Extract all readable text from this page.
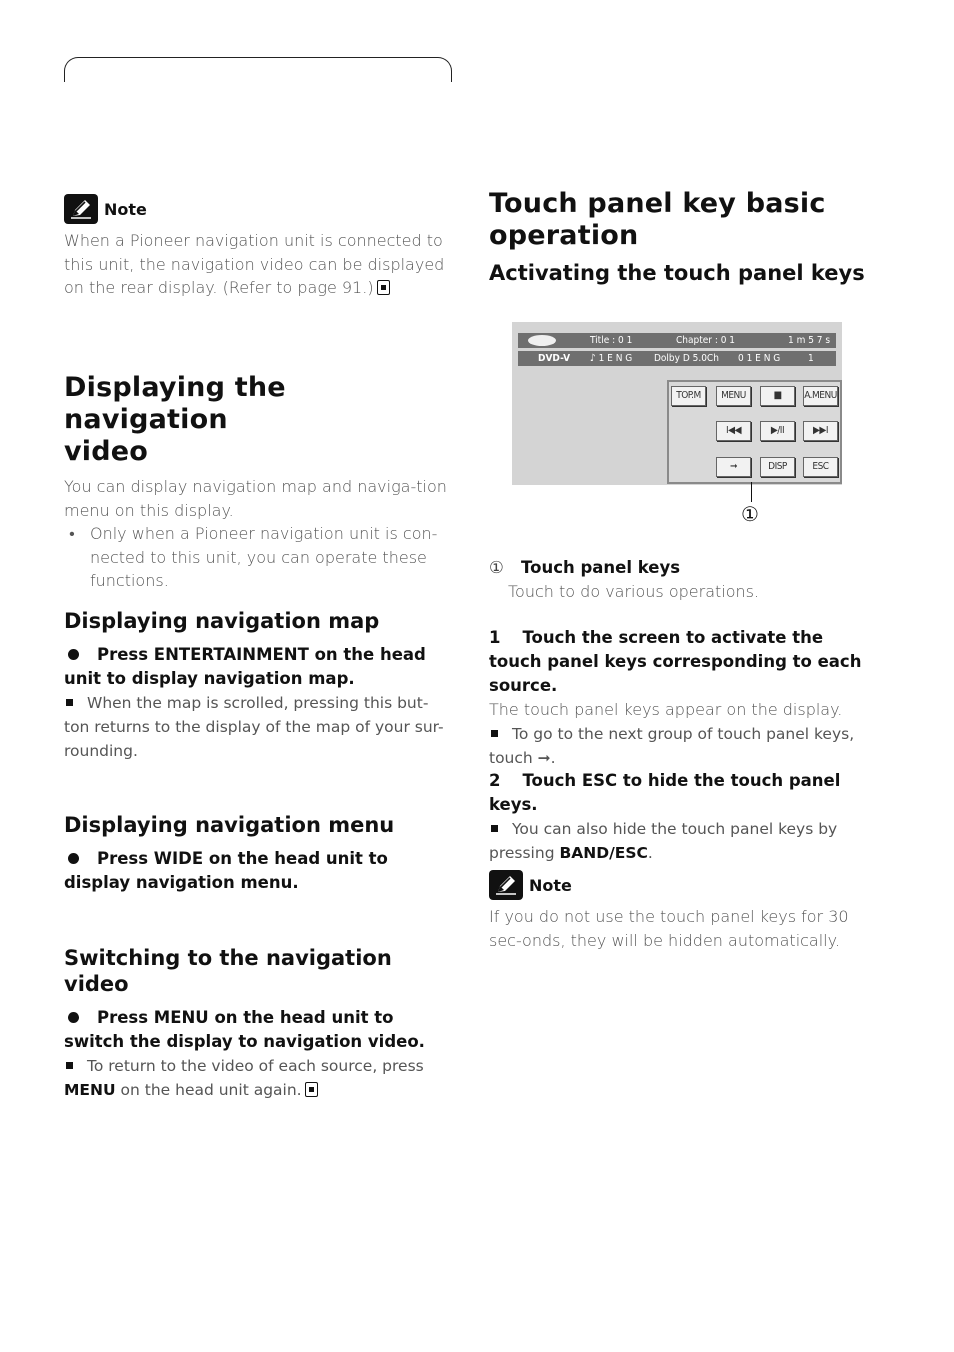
Note
When a Pioneer navigation unit is connected to this unit, the navigation video can be displayed on the rear display. (Refer to page 91.)
Displaying the navigation
video
You can display navigation map and naviga-tion menu on this display.
• Only when a Pioneer navigation unit is con-nected to this unit, you can operate these functions.
Displaying navigation map
Press ENTERTAINMENT on the head unit to display navigation map.
When the map is scrolled, pressing this but-ton returns to the display of the map of your sur-rounding.
Displaying navigation menu
Press WIDE on the head unit to display navigation menu.
Switching to the navigation video
Press MENU on the head unit to switch the display to navigation video.
To return to the video of each source, press
MENU on the head unit again.
Touch panel key basic
operation
Activating the touch panel keys
Title : 0 1	Chapter : 0 1	1 m 5 7 s
DVD-V ♪ 1 E N G Dolby D 5.0Ch 0 1 E N G	1
TOP.M	MENU	■	A.MENU
I◀◀	▶/II	▶▶I
➞	DISP	ESC
①
① Touch panel keys
Touch to do various operations.
1 Touch the screen to activate the touch panel keys corresponding to each source.
The touch panel keys appear on the display.
To go to the next group of touch panel keys, touch ➞.
2 Touch ESC to hide the touch panel keys.
You can also hide the touch panel keys by pressing BAND/ESC.
Note
If you do not use the touch panel keys for 30 sec-onds, they will be hidden automatically.
